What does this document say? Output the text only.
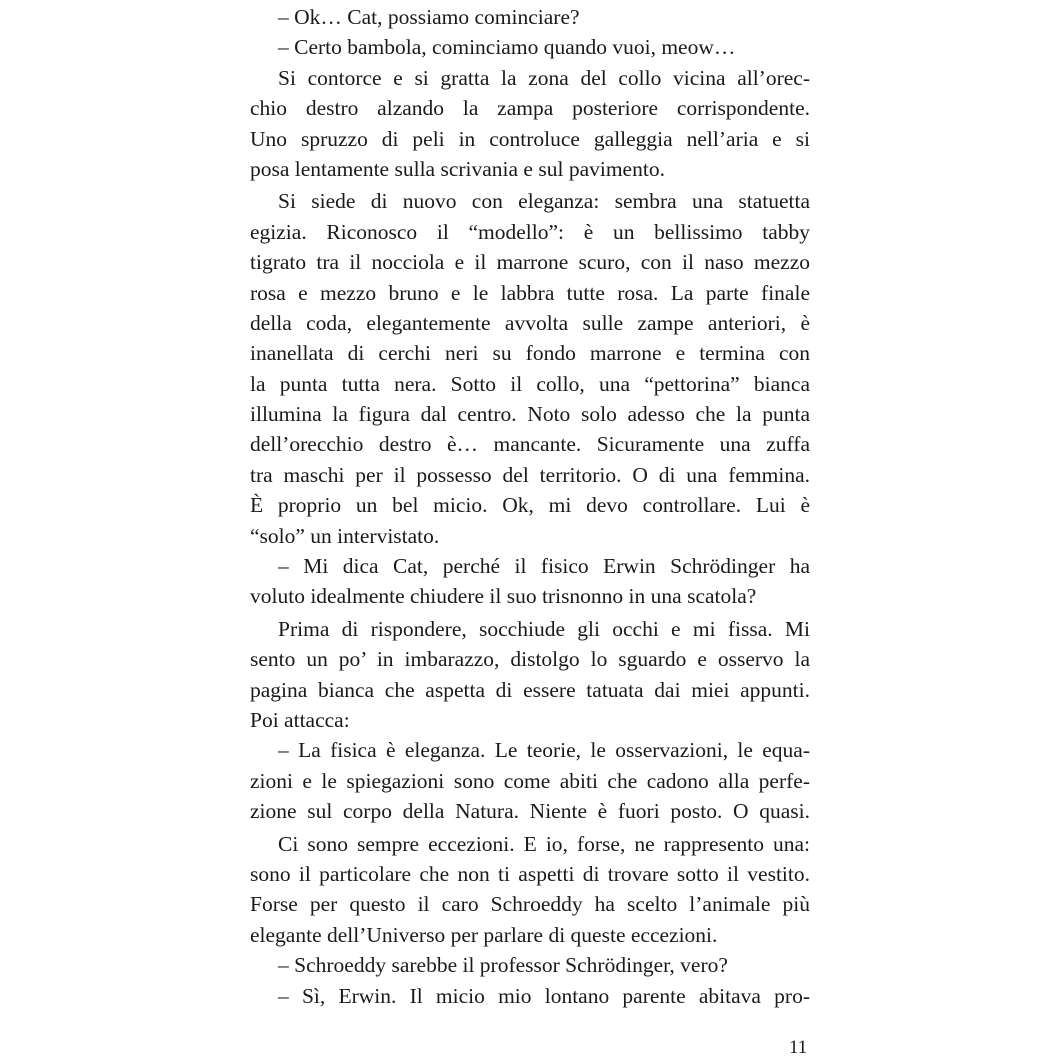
– Ok… Cat, possiamo cominciare?
– Certo bambola, cominciamo quando vuoi, meow…
Si contorce e si gratta la zona del collo vicina all’orec-
chio destro alzando la zampa posteriore corrispondente.
Uno spruzzo di peli in controluce galleggia nell’aria e si
posa lentamente sulla scrivania e sul pavimento.
Si siede di nuovo con eleganza: sembra una statuetta
egizia. Riconosco il “modello”: è un bellissimo tabby
tigrato tra il nocciola e il marrone scuro, con il naso mezzo
rosa e mezzo bruno e le labbra tutte rosa. La parte finale
della coda, elegantemente avvolta sulle zampe anteriori, è
inanellata di cerchi neri su fondo marrone e termina con
la punta tutta nera. Sotto il collo, una “pettorina” bianca
illumina la figura dal centro. Noto solo adesso che la punta
dell’orecchio destro è… mancante. Sicuramente una zuffa
tra maschi per il possesso del territorio. O di una femmina.
È proprio un bel micio. Ok, mi devo controllare. Lui è
“solo” un intervistato.
– Mi dica Cat, perché il fisico Erwin Schrödinger ha
voluto idealmente chiudere il suo trisnonno in una scatola?
Prima di rispondere, socchiude gli occhi e mi fissa. Mi
sento un po’ in imbarazzo, distolgo lo sguardo e osservo la
pagina bianca che aspetta di essere tatuata dai miei appunti.
Poi attacca:
– La fisica è eleganza. Le teorie, le osservazioni, le equa-
zioni e le spiegazioni sono come abiti che cadono alla perfe-
zione sul corpo della Natura. Niente è fuori posto. O quasi.
Ci sono sempre eccezioni. E io, forse, ne rappresento una:
sono il particolare che non ti aspetti di trovare sotto il vestito.
Forse per questo il caro Schroeddy ha scelto l’animale più
elegante dell’Universo per parlare di queste eccezioni.
– Schroeddy sarebbe il professor Schrödinger, vero?
– Sì, Erwin. Il micio mio lontano parente abitava pro-
11
